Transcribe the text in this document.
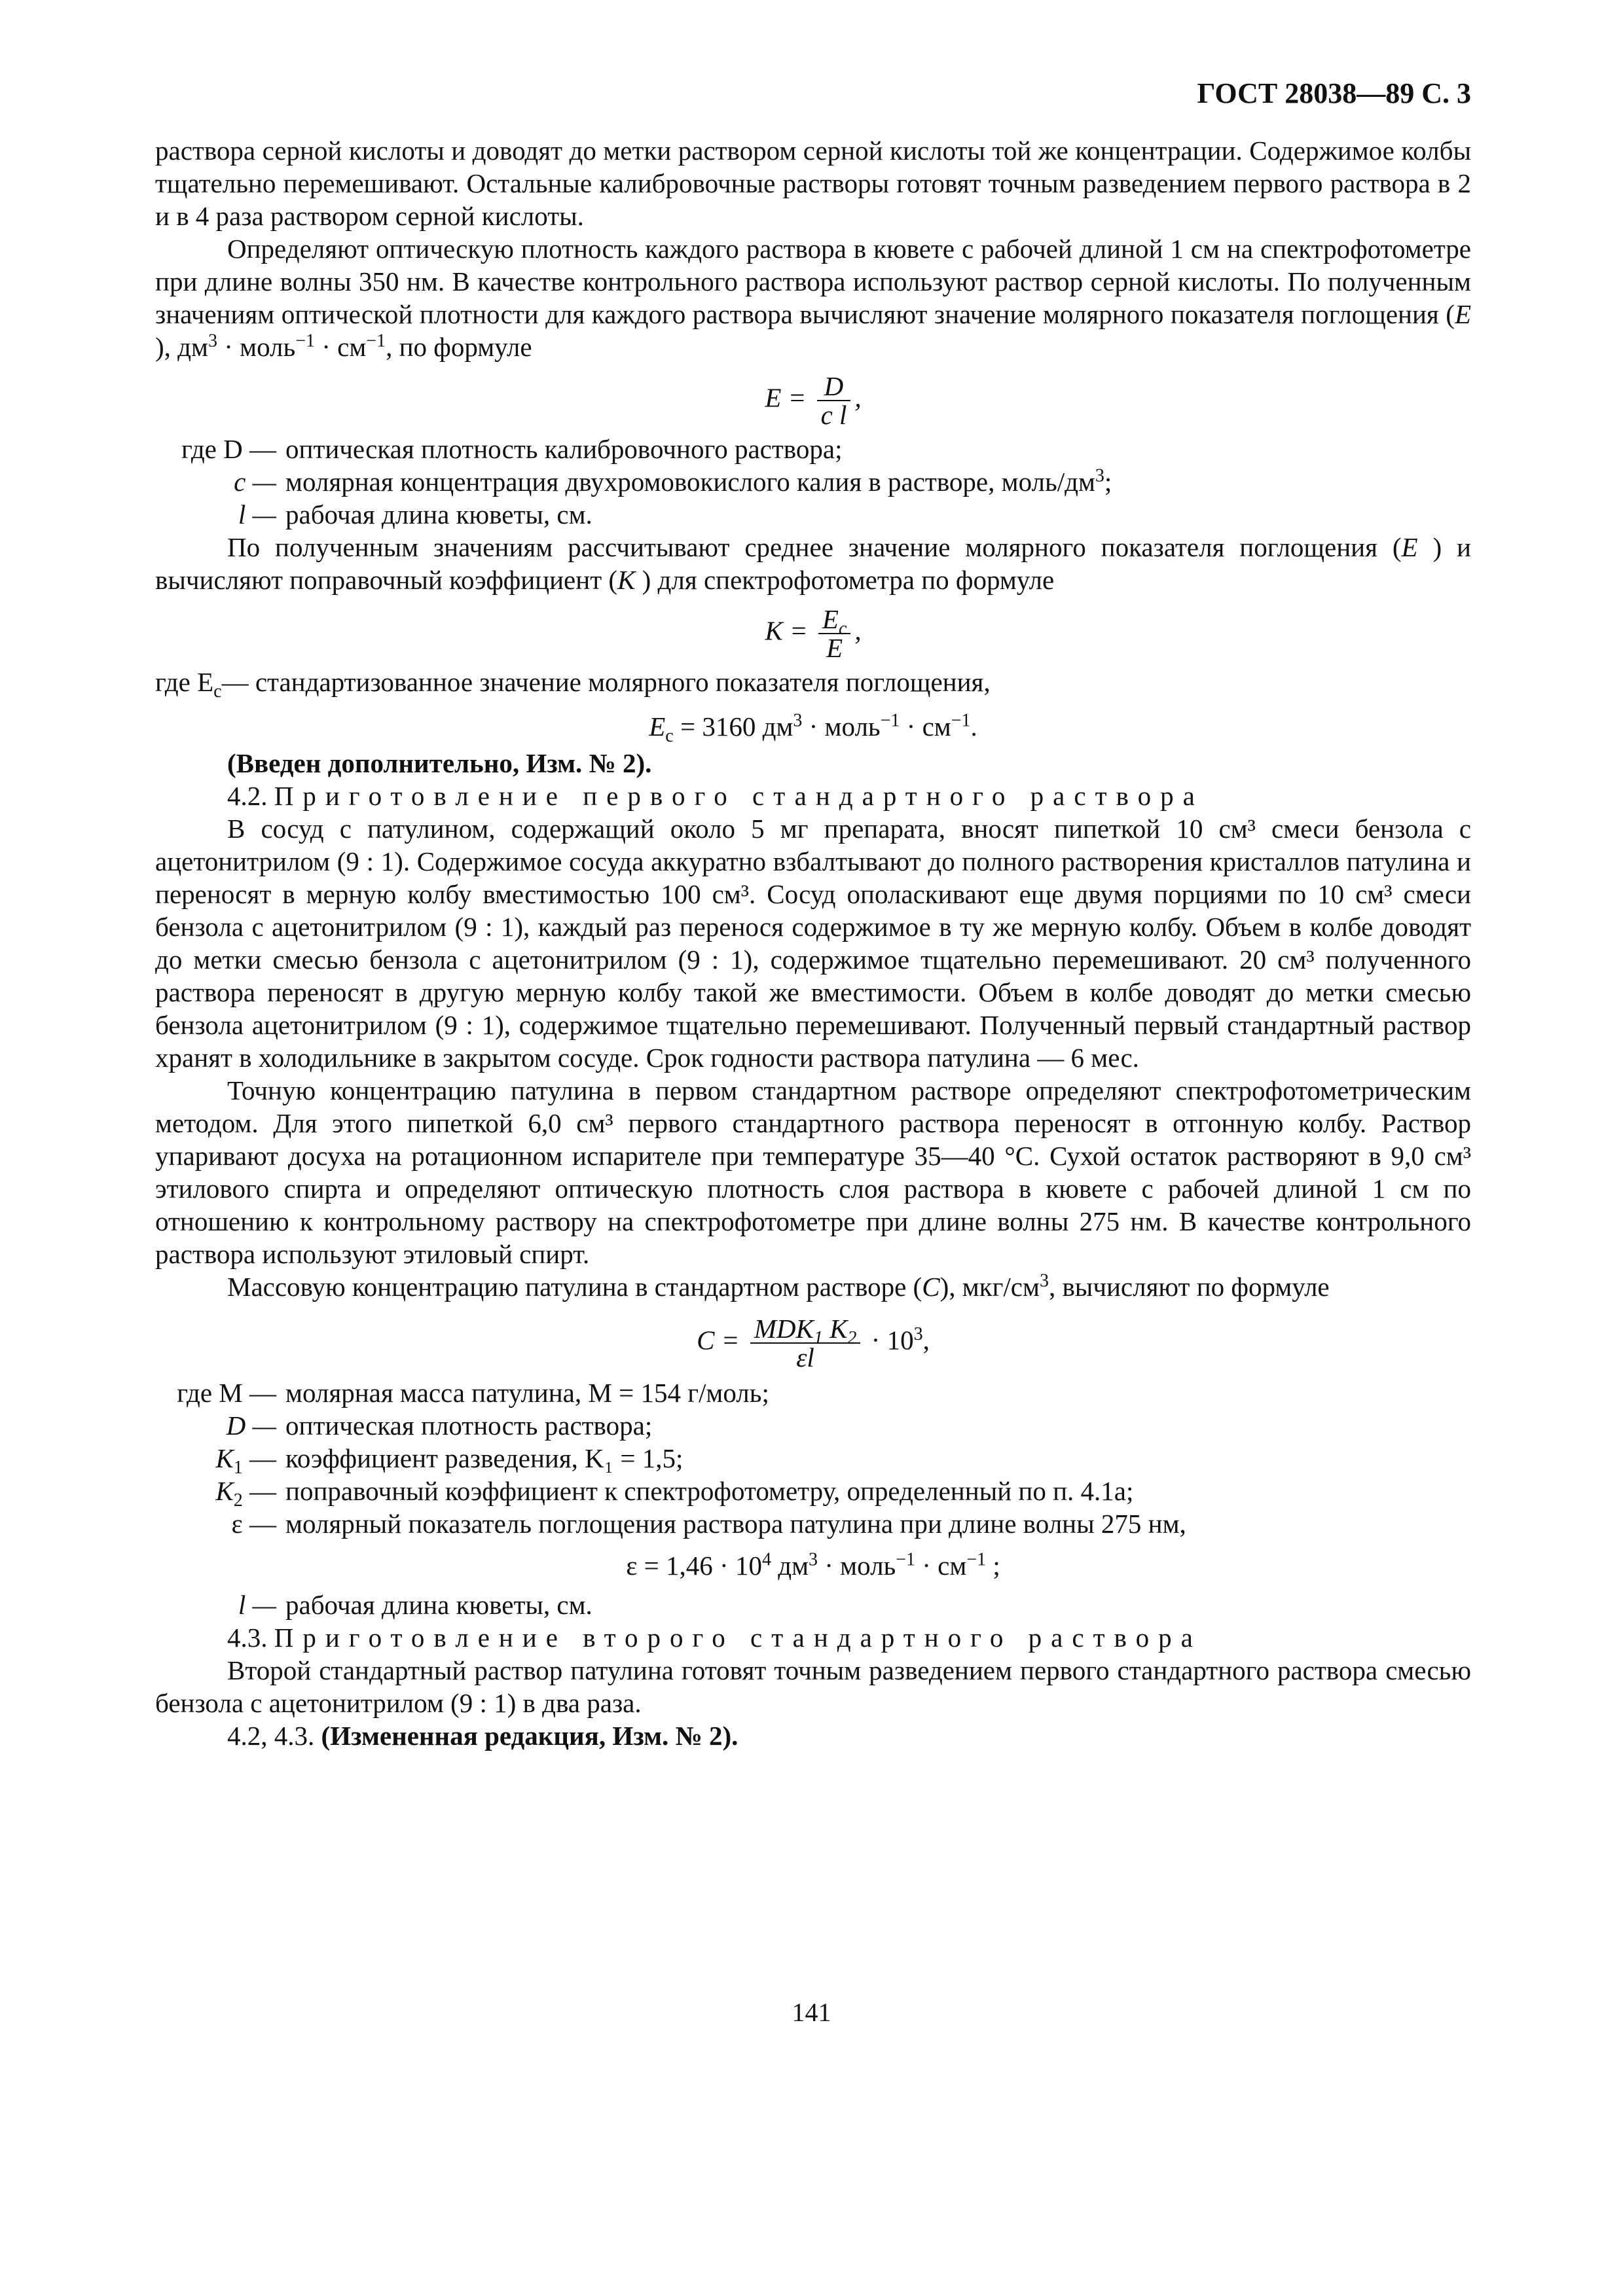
ГОСТ 28038—89 С. 3

раствора серной кислоты и доводят до метки раствором серной кислоты той же концентрации. Содержимое колбы тщательно перемешивают. Остальные калибровочные растворы готовят точным разведением первого раствора в 2 и в 4 раза раствором серной кислоты.

Определяют оптическую плотность каждого раствора в кювете с рабочей длиной 1 см на спектрофотометре при длине волны 350 нм. В качестве контрольного раствора используют раствор серной кислоты. По полученным значениям оптической плотности для каждого раствора вычисляют значение молярного показателя поглощения (E ), $дм^3$ · моль$^{-1}$ · $см^{-1}$, по формуле

$E = \frac{D}{\text{c l}}$ ,
где D — оптическая плотность калибровочного раствора;
c — молярная концентрация двухромовокислого калия в растворе, моль/$дм^3$;
l — рабочая длина кюветы, см.

По полученным значениям рассчитывают среднее значение молярного показателя поглощения (E ) и вычисляют поправочный коэффициент (K ) для спектрофотометра по формуле

$K = \frac{E_c}{E}$ ,
где $E_c$ — стандартизованное значение молярного показателя поглощения,
$E_c = 3160$ $дм^3$ · моль$^{-1}$ · $см^{-1}$.

(Введен дополнительно, Изм. № 2).

4.2. Приготовление первого стандартного раствора

В сосуд с патулином, содержащий около 5 мг препарата, вносят пипеткой 10 см³ смеси бензола с ацетонитрилом (9 : 1). Содержимое сосуда аккуратно взбалтывают до полного растворения кристаллов патулина и переносят в мерную колбу вместимостью 100 см³. Сосуд ополаскивают еще двумя порциями по 10 см³ смеси бензола с ацетонитрилом (9 : 1), каждый раз перенося содержимое в ту же мерную колбу. Объем в колбе доводят до метки смесью бензола с ацетонитрилом (9 : 1), содержимое тщательно перемешивают. 20 см³ полученного раствора переносят в другую мерную колбу такой же вместимости. Объем в колбе доводят до метки смесью бензола ацетонитрилом (9 : 1), содержимое тщательно перемешивают. Полученный первый стандартный раствор хранят в холодильнике в закрытом сосуде. Срок годности раствора патулина — 6 мес.

Точную концентрацию патулина в первом стандартном растворе определяют спектрофотометрическим методом. Для этого пипеткой 6,0 см³ первого стандартного раствора переносят в отгонную колбу. Раствор упаривают досуха на ротационном испарителе при температуре 35—40 °С. Сухой остаток растворяют в 9,0 см³ этилового спирта и определяют оптическую плотность слоя раствора в кювете с рабочей длиной 1 см по отношению к контрольному раствору на спектрофотометре при длине волны 275 нм. В качестве контрольного раствора используют этиловый спирт.

Массовую концентрацию патулина в стандартном растворе (C), мкг/$см^3$, вычисляют по формуле

$C = \frac{MDK_1 K_2}{\varepsilon l} \cdot 10^3$,
где M — молярная масса патулина, M = 154 г/моль;
D — оптическая плотность раствора;
$K_1$ — коэффициент разведения, K₁ = 1,5;
$K_2$ — поправочный коэффициент к спектрофотометру, определенный по п. 4.1а;
ε — молярный показатель поглощения раствора патулина при длине волны 275 нм,
$\varepsilon = 1,46 \cdot 10^4$ $дм^3$ · моль$^{-1}$ · $см^{-1}$ ;
l — рабочая длина кюветы, см.

4.3. Приготовление второго стандартного раствора

Второй стандартный раствор патулина готовят точным разведением первого стандартного раствора смесью бензола с ацетонитрилом (9 : 1) в два раза.

4.2, 4.3. (Измененная редакция, Изм. № 2).

141
